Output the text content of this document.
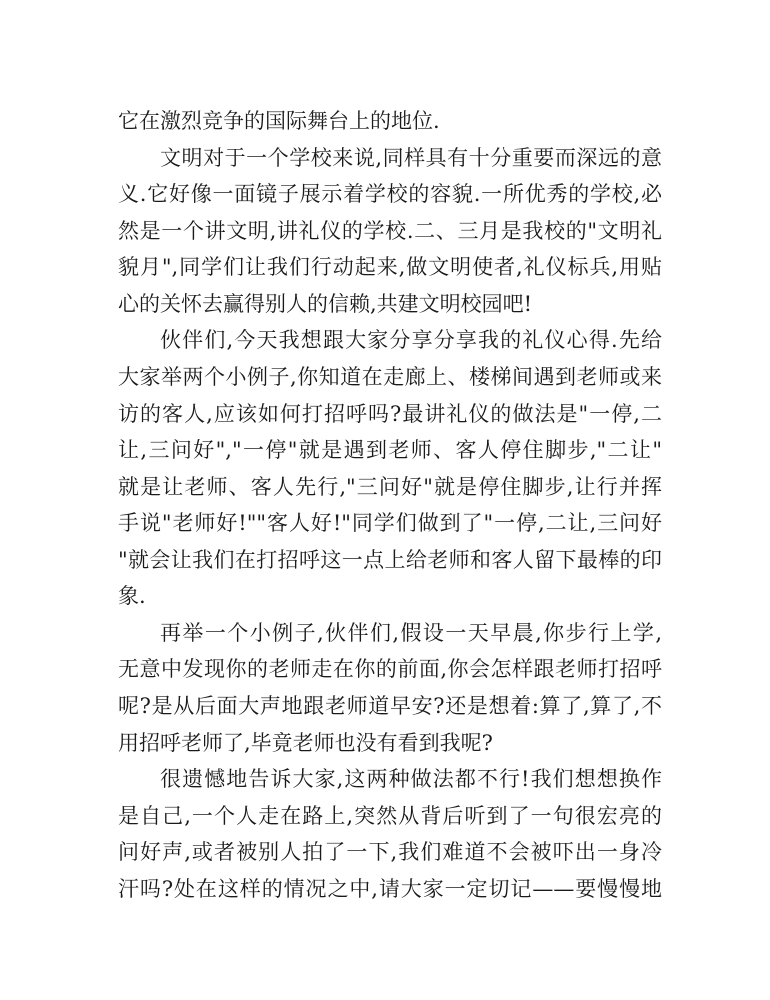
它在激烈竞争的国际舞台上的地位.
文明对于一个学校来说,同样具有十分重要而深远的意
义.它好像一面镜子展示着学校的容貌.一所优秀的学校,必
然是一个讲文明,讲礼仪的学校.二、三月是我校的"文明礼
貌月",同学们让我们行动起来,做文明使者,礼仪标兵,用贴
心的关怀去赢得别人的信赖,共建文明校园吧!
伙伴们,今天我想跟大家分享分享我的礼仪心得.先给
大家举两个小例子,你知道在走廊上、楼梯间遇到老师或来
访的客人,应该如何打招呼吗?最讲礼仪的做法是"一停,二
让,三问好","一停"就是遇到老师、客人停住脚步,"二让"
就是让老师、客人先行,"三问好"就是停住脚步,让行并挥
手说"老师好!""客人好!"同学们做到了"一停,二让,三问好
"就会让我们在打招呼这一点上给老师和客人留下最棒的印
象.
再举一个小例子,伙伴们,假设一天早晨,你步行上学,
无意中发现你的老师走在你的前面,你会怎样跟老师打招呼
呢?是从后面大声地跟老师道早安?还是想着:算了,算了,不
用招呼老师了,毕竟老师也没有看到我呢?
很遗憾地告诉大家,这两种做法都不行!我们想想换作
是自己,一个人走在路上,突然从背后听到了一句很宏亮的
问好声,或者被别人拍了一下,我们难道不会被吓出一身冷
汗吗?处在这样的情况之中,请大家一定切记——要慢慢地
